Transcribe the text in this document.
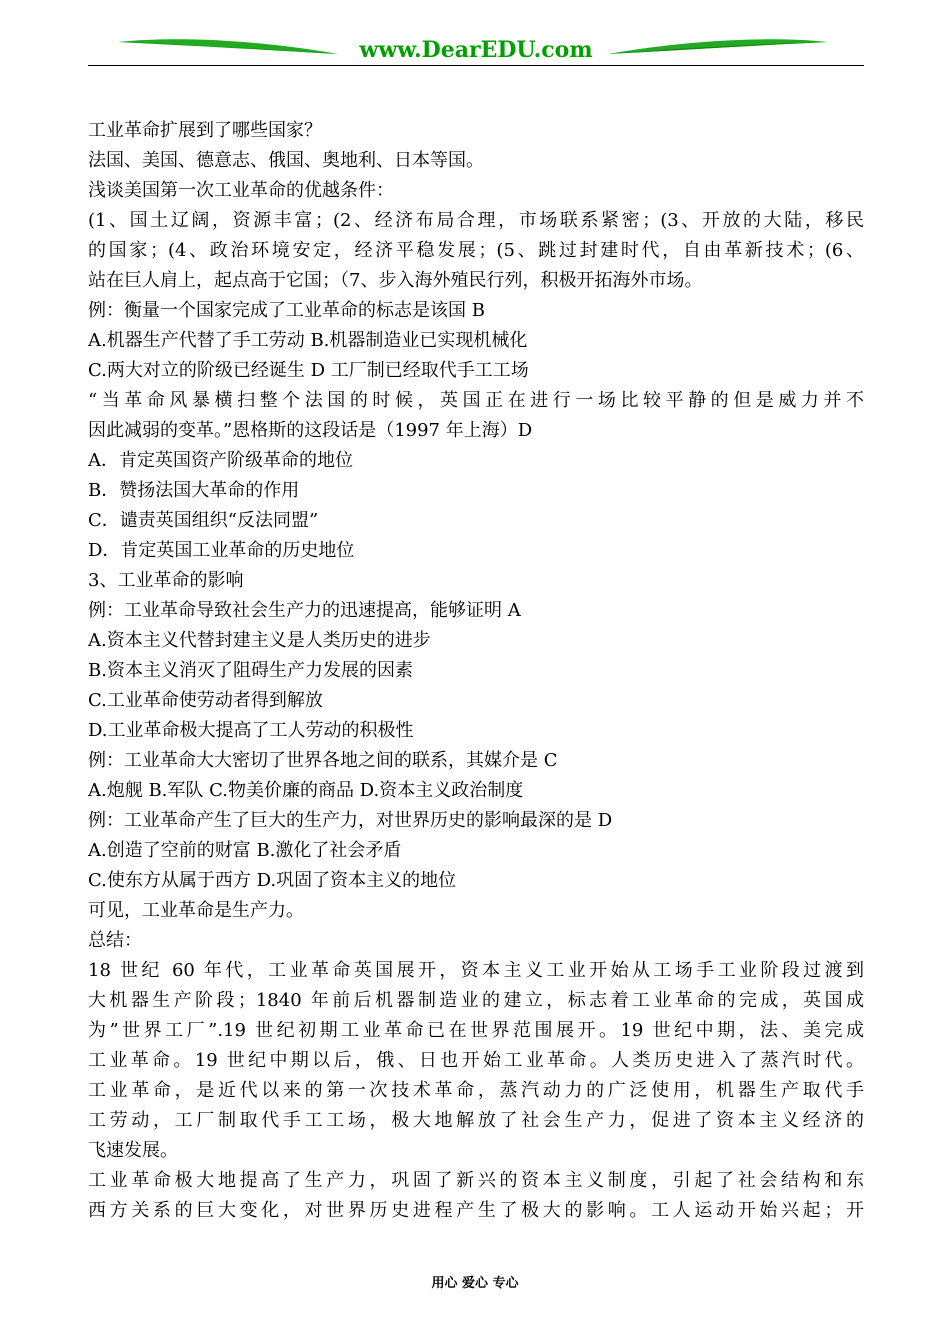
www.DearEDU.com
工业革命扩展到了哪些国家？
法国、美国、德意志、俄国、奥地利、日本等国。
浅谈美国第一次工业革命的优越条件：
(1、国土辽阔，资源丰富；(2、经济布局合理，市场联系紧密；(3、开放的大陆，移民
的国家；(4、政治环境安定，经济平稳发展；(5、跳过封建时代，自由革新技术；(6、
站在巨人肩上，起点高于它国；（7、步入海外殖民行列，积极开拓海外市场。
例：衡量一个国家完成了工业革命的标志是该国 B
A.机器生产代替了手工劳动 B.机器制造业已实现机械化
C.两大对立的阶级已经诞生 D 工厂制已经取代手工工场
“当革命风暴横扫整个法国的时候，英国正在进行一场比较平静的但是威力并不
因此减弱的变革。”恩格斯的这段话是（1997 年上海）D
A．肯定英国资产阶级革命的地位
B．赞扬法国大革命的作用
C．谴责英国组织“反法同盟”
D．肯定英国工业革命的历史地位
3、工业革命的影响
例：工业革命导致社会生产力的迅速提高，能够证明 A
A.资本主义代替封建主义是人类历史的进步
B.资本主义消灭了阻碍生产力发展的因素
C.工业革命使劳动者得到解放
D.工业革命极大提高了工人劳动的积极性
例：工业革命大大密切了世界各地之间的联系，其媒介是 C
A.炮舰 B.军队 C.物美价廉的商品 D.资本主义政治制度
例：工业革命产生了巨大的生产力，对世界历史的影响最深的是 D
A.创造了空前的财富 B.激化了社会矛盾
C.使东方从属于西方 D.巩固了资本主义的地位
可见，工业革命是生产力。
总结：
18 世纪 60 年代，工业革命英国展开，资本主义工业开始从工场手工业阶段过渡到
大机器生产阶段；1840 年前后机器制造业的建立，标志着工业革命的完成，英国成
为”世界工厂”.19 世纪初期工业革命已在世界范围展开。19 世纪中期，法、美完成
工业革命。19 世纪中期以后，俄、日也开始工业革命。人类历史进入了蒸汽时代。
工业革命，是近代以来的第一次技术革命，蒸汽动力的广泛使用，机器生产取代手
工劳动，工厂制取代手工工场，极大地解放了社会生产力，促进了资本主义经济的
飞速发展。
工业革命极大地提高了生产力，巩固了新兴的资本主义制度，引起了社会结构和东
西方关系的巨大变化，对世界历史进程产生了极大的影响。工人运动开始兴起；开
用心 爱心 专心
